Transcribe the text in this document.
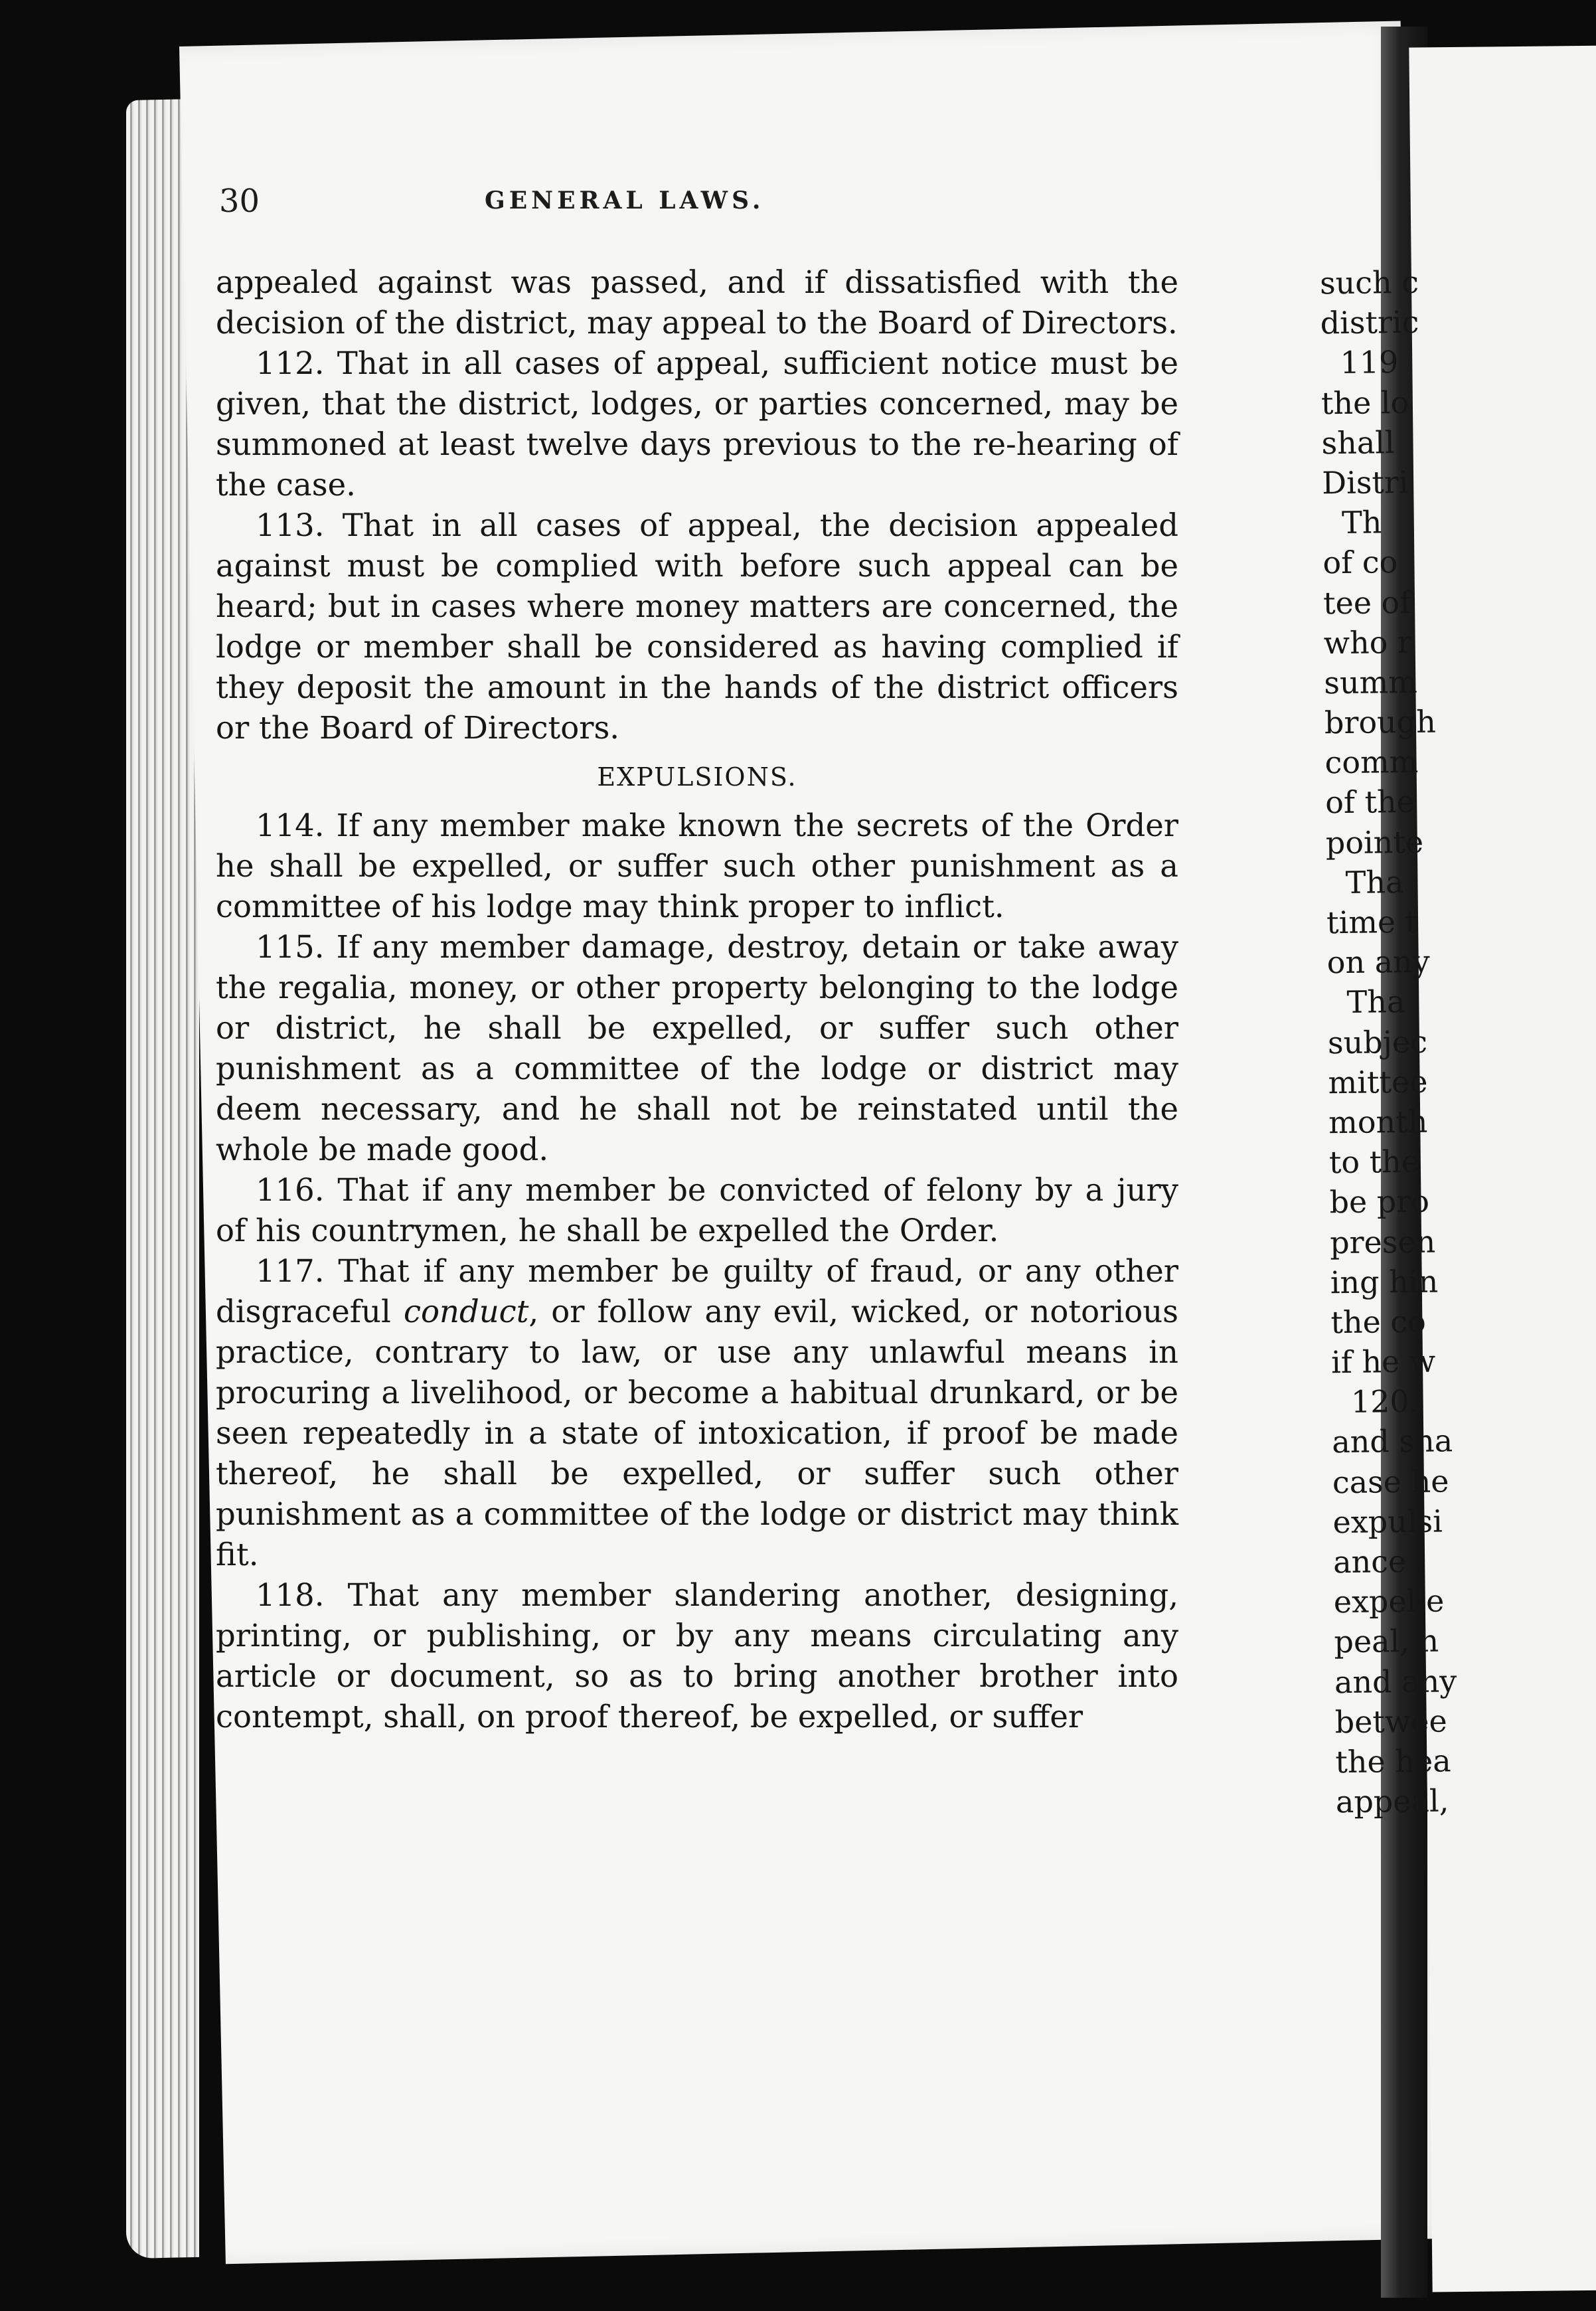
30	GENERAL LAWS.

appealed against was passed, and if dissatisfied with the decision of the district, may appeal to the Board of Directors.

112. That in all cases of appeal, sufficient notice must be given, that the district, lodges, or parties concerned, may be summoned at least twelve days previous to the re-hearing of the case.

113. That in all cases of appeal, the decision appealed against must be complied with before such appeal can be heard; but in cases where money matters are concerned, the lodge or member shall be considered as having complied if they deposit the amount in the hands of the district officers or the Board of Directors.

EXPULSIONS.

114. If any member make known the secrets of the Order he shall be expelled, or suffer such other punishment as a committee of his lodge may think proper to inflict.

115. If any member damage, destroy, detain or take away the regalia, money, or other property belonging to the lodge or district, he shall be expelled, or suffer such other punishment as a committee of the lodge or district may deem necessary, and he shall not be reinstated until the whole be made good.

116. That if any member be convicted of felony by a jury of his countrymen, he shall be expelled the Order.

117. That if any member be guilty of fraud, or any other disgraceful conduct, or follow any evil, wicked, or notorious practice, contrary to law, or use any unlawful means in procuring a livelihood, or become a habitual drunkard, or be seen repeatedly in a state of intoxication, if proof be made thereof, he shall be expelled, or suffer such other punishment as a committee of the lodge or district may think fit.

118. That any member slandering another, designing, printing, or publishing, or by any means circulating any article or document, so as to bring another brother into contempt, shall, on proof thereof, be expelled, or suffer

such c
distric
119
the lo
shall
Distri
Th
of co
tee of
who r
summ
brough
comm
of the
pointe
Tha
time t
on any
Tha
subjec
mittee
month
to the
be pro
presen
ing hin
the co
if he w
120.
and sha
case he
expulsi
ance ;
expelle
peal, h
and any
betwee
the hea
appeal,
